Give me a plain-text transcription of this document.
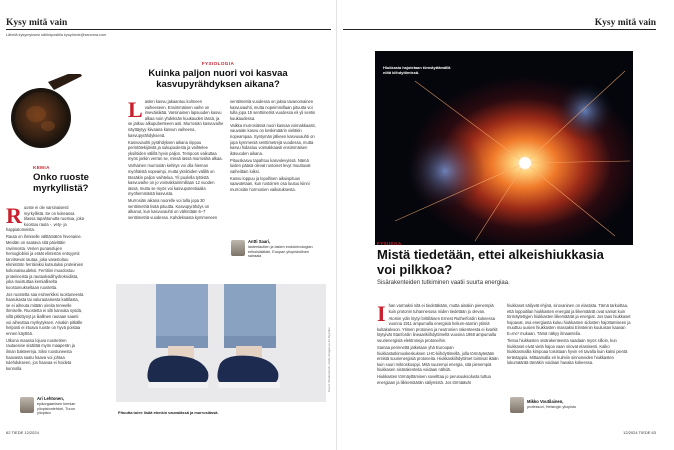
Kysy mitä vain
Lähetä kysymyksesi sähköpostilla kysy.tiede@sanoma.com
KEMIA
Onko ruoste myrkyllistä?

Ruoste ei ole varsinaisesti myrkyllistä. Se on koiteassa tilassa tapahtunutta ruostua, joka koostuu rauta -, vety- ja happiatomeista.

Rauta on ihmiselle välttämätön hivenaine. Meidän on saatava sitä päivittäin ravinnosta. Verien punasolujen hemoglobiini ja eräät elimistön entsyymit tarvitsevat rautaa, joka varastoituu elimistöön ferritiiniksi kutsutuksi proteiinien kokonaisuudeksi. Ferritiini muodostuu proteiineista ja rautaoksidihydroksidista, joka muistuttaa kemialliselta koostumukseltaan ruostetta.

Jos ruostetta saa esimerkiksi ruostuneesta haarukasta tai valurautaisesta kattilasta, se ei aiheuta mitään oireita terveelle ihmiselle. Ruostetta ei silti kannata syödä, sillä pitkittynyt ja liiallinen rautaan saanti voi aiheuttaa myrkytyksen. Ainakin pitkälle helposti ei irtoava ruoste on hyvä poistaa ennen käyttöä.

Ulkona maassa lojuva ruostetiren rautaesine sisältää myös maaperän ja ilman bakteereja. Siksi ruostuneesta haavasta saatu haava voi johtaa tulehdukseen, jos haavaa ei hoideta kunnolla.

Ari Lehtonen,
epäorgaanisen kemian yliopistonlehtori, Turun yliopisto
FYSIOLOGIA
Kuinka paljon nuori voi kasvaa kasvupyrähdyksen aikana?

Lasten kasvu jakaantuu kolmeen vaiheeseen. Ensimmäinen vaihe on imeväisikää. Varsinainen lapsuuden kasvu alkaa noin yhdeksän kuukauden iässä, ja se jatkuu alkupuberteeen asti. Murrosiän kasvuvaihe näyttäytyy kiivaana kasvun vaiheena, kasvupyrähdyksenä.

Kasvuvauhti pyrähdyksen aikana riippuu perintötekijöistä ja sukupuolesta ja vaihtelee yksilöiden välillä hyvin paljon. Tempoon vaikuttaa myös jonkin verran se, missä iässä murrosikä alkaa.

Varhainen murrosiän kehitys voi olla hieman myöhäistä nopeampi, mutta yksilöiden välillä on tässäkin paljon vaihtelua. Yli puolella tytöistä kasvuvaihe on jo voimakkaimmillaan 12 vuoden iässä, mutta se myös voi kasvupotentiaalia myöhemmästä kasvusta.

Murrosiän aikana nuorelle voi tulla jopa 30 senttimetriä lisää pituutta. Kasvupyrähdys on alkanut, kun kasvuvauhti on vähintään 6–7 senttimetriä vuodessa. Kahdeksasta kymmeneen

senttimetriä vuodessa on jaksa tavanomainen kasvuvauhti, mutta nopeimmillaan pituutta voi tulla jopa 15 senttimetriä vuodessa eli yli sentin kuukaudessa.

Vaikka murrosiässä nuori kasvaa voimakkaasti, vauvaiän kasvu on keskimäärin vieläkin nopeampaa. Syntymän jälkeen kasvuvauhti on jopa kymmeniä senttimetrejä vuodessa, mutta kasvu hidastuu voimakkaasti ensimmäisen ikävuoden aikana.

Pituuskasvu tapahtuu kasvulevyissä. Nämä luiden pääsä olevat rustoiset levyt muuttuvat vaiheittain luiksi.

Kasvu loppuu ja lopullinen aikuispituus saavutetaan, kun rustoinen osa luutuu kiinni murrosiän hormonien vaikutuksesta.

Antti Saari,
lastentautien ja lasten endokrinologian erikoislääkäri, Euopan yliopistollinen sairaala
Pituutta tulee lisää etenkin vauvaiässä ja murrosiässä.
Kuvat: Shutterstock, Getty Images ja Ari Nyyhiko
62 TIEDE 12/2024
Kysy mitä vain
Hiukkasia hajotetaan törmäyttämällä niitä kiihdyttimissä.
FYSIIKKA
Mistä tiedetään, ettei alkeishiukkasia voi pilkkoa?
Sisärakenteiden tutkiminen vaatii suurta energiaa.

Ihan varmaksi sitä ei tiedetäkään, mutta ainakin pienempiä kuin protonin tuhannesosa niiden tiedetään jo olevan.

Atomin ydin löytyi brittiläisen Ernest Rutherfordin kokeessa vuonna 1911 ampumalla energisiä helium-atomin ytimiä kultakalvoon. Ytimen protonien ja neutronien rakenteesta ei kvarkit löytyivät Stanfordin lineaarikiihdyttimellä vuosina 1968 ampumalla suurienergisiä elektroneja protoneihin.

Samaa perinnettä jatketaan yhä Euroopan hiukkastutkimuskeskuksen LHC-kiihdyttimellä, jolla törmäytetään entistä suurienergisiä protoneita. Hiukkaskiihdyttimet toimivat ikään kuin suuri mikroskooppi. Mitä suurempi energia, sitä pienempiä hiukkasen sisärakenteita voidaan nähdä.

Hiukkasten törmäyttäminen sovelttaa jo perusuuksolusta tuttua energiaan ja liikkemäärän säilymistä. Jos törmäävät

hiukkaset säilyvät ehjinä, sirovaninen on elastista. Tämä tarkoittaa, että loppuitilan hiukkasten energiat ja liikemäärät ovat samat kuin törmäytettyjen hiukkasten liikemäärät ja energiat. Jos taas hiukkaset hajoavat, osa energiasta kuluu hiukkasten sidosten hajottamiseen ja muuttuu uusien hiukkasten massaksi Einsteinin kuuluisan kaavan E=mc² mukaan. Tämä näkyy ilmaantelia.

Tietoa hiukkasten sisärakenteesta saadaan myös silloin, kun hiukkaset eivät vielä hajoa vaan sirovat elastisesti. Kaiko hiukkasmallia kimpoaa toisistaan hyvin eri tavalla kuin kaksi pientä terästappia. Mittaamalla eri kulmiin sinnoneiden hiukkasten lukumäärää tämäkin voidaan havaita kokeessa.

Mikko Voutilainen,
professori, Helsingin yliopisto
12/2024 TIEDE 63
